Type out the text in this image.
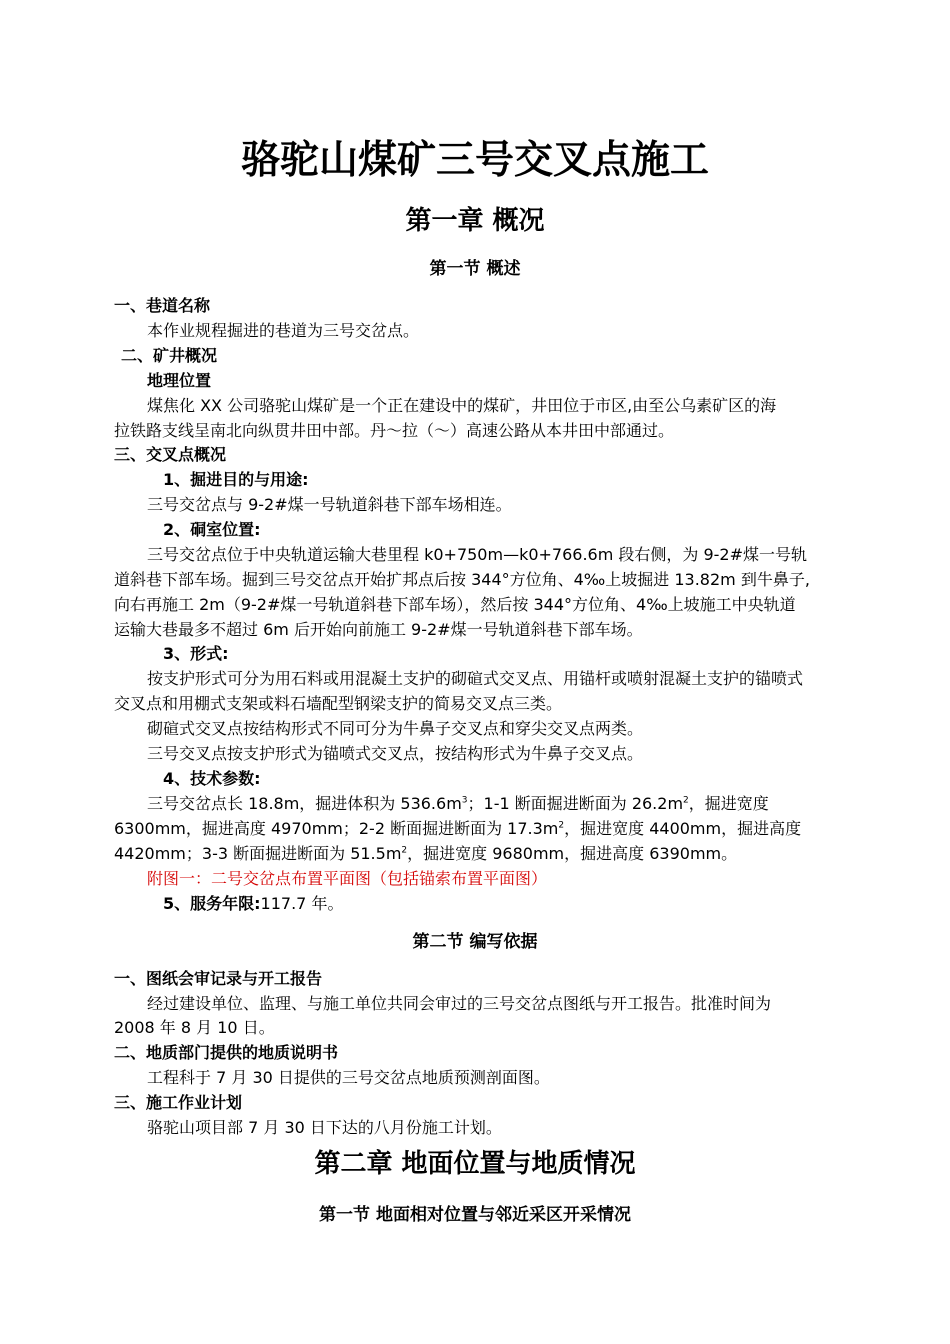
骆驼山煤矿三号交叉点施工
第一章 概况
第一节 概述
一、巷道名称
本作业规程掘进的巷道为三号交岔点。
二、矿井概况
地理位置
煤焦化 XX 公司骆驼山煤矿是一个正在建设中的煤矿，井田位于市区,由至公乌素矿区的海
拉铁路支线呈南北向纵贯井田中部。丹～拉（～）高速公路从本井田中部通过。
三、交叉点概况
1、掘进目的与用途:
三号交岔点与 9-2#煤一号轨道斜巷下部车场相连。
2、硐室位置:
三号交岔点位于中央轨道运输大巷里程 k0+750m—k0+766.6m 段右侧，为 9-2#煤一号轨
道斜巷下部车场。掘到三号交岔点开始扩邦点后按 344°方位角、4‰上坡掘进 13.82m 到牛鼻子,
向右再施工 2m（9-2#煤一号轨道斜巷下部车场），然后按 344°方位角、4‰上坡施工中央轨道
运输大巷最多不超过 6m 后开始向前施工 9-2#煤一号轨道斜巷下部车场。
3、形式:
按支护形式可分为用石料或用混凝土支护的砌碹式交叉点、用锚杆或喷射混凝土支护的锚喷式
交叉点和用棚式支架或料石墙配型钢梁支护的简易交叉点三类。
砌碹式交叉点按结构形式不同可分为牛鼻子交叉点和穿尖交叉点两类。
三号交叉点按支护形式为锚喷式交叉点，按结构形式为牛鼻子交叉点。
4、技术参数:
三号交岔点长 18.8m，掘进体积为 $536.6m^3$；1-1 断面掘进断面为 $26.2m^2$，掘进宽度
6300mm，掘进高度 4970mm；2-2 断面掘进断面为 $17.3m^2$，掘进宽度 4400mm，掘进高度
4420mm；3-3 断面掘进断面为 $51.5m^2$，掘进宽度 9680mm，掘进高度 6390mm。
附图一：二号交岔点布置平面图（包括锚索布置平面图）
5、服务年限:117.7 年。
第二节 编写依据
一、图纸会审记录与开工报告
经过建设单位、监理、与施工单位共同会审过的三号交岔点图纸与开工报告。批准时间为
2008 年 8 月 10 日。
二、地质部门提供的地质说明书
工程科于 7 月 30 日提供的三号交岔点地质预测剖面图。
三、施工作业计划
骆驼山项目部 7 月 30 日下达的八月份施工计划。
第二章 地面位置与地质情况
第一节 地面相对位置与邻近采区开采情况
